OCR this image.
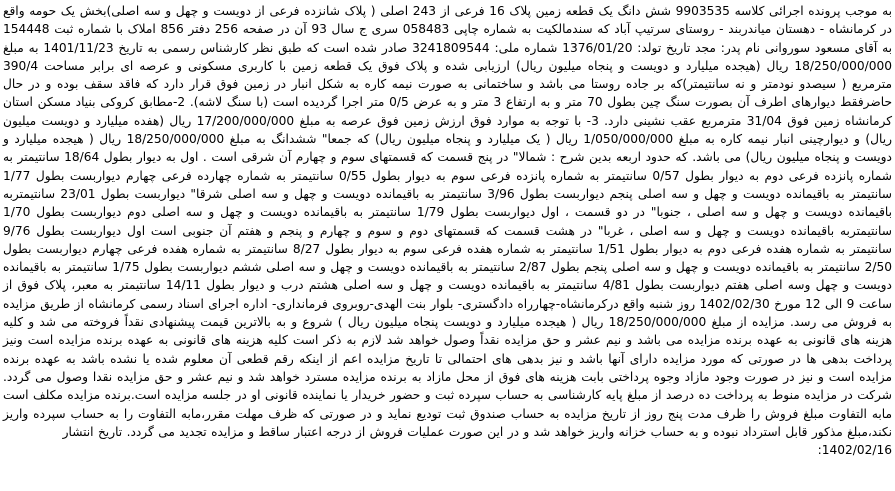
به موجب پرونده اجرائی کلاسه 9903535 شش دانگ یک قطعه زمین پلاک 16 فرعی از 243 اصلی ( پلاک شانزده فرعی از دویست و چهل و سه اصلی)بخش یک حومه واقع در کرمانشاه - دهستان میاندربند - روستای سرتیپ آباد که سندمالکیت به شماره چاپی 058483 سری ج سال 93 آن در صفحه 256 دفتر 856 املاک با شماره ثبت 154448 به آقای مسعود سوروانی نام پدر: مجد تاریخ تولد: 1376/01/20 شماره ملی: 3241809544 صادر شده است که طبق نظر کارشناس رسمی به تاریخ 1401/11/23 به مبلغ 18/250/000/000 ریال (هیجده میلیارد و دویست و پنجاه میلیون ریال) ارزیابی شده و پلاک فوق یک قطعه زمین با کاربری مسکونی و عرصه ای برابر مساحت 390/4 مترمربع ( سیصدو نودمتر و نه سانتیمتر)که بر جاده روستا می باشد و ساختمانی به صورت نیمه کاره به شکل انبار در زمین فوق قرار دارد که فاقد سقف بوده و در حال حاضرفقط دیوارهای اطرف آن بصورت سنگ چین بطول 70 متر و به ارتفاع 3 متر و به عرض 0/5 متر اجرا گردیده است (با سنگ لاشه). 2-مطابق کروکی بنیاد مسکن استان کرمانشاه زمین فوق 31/04 مترمربع عقب نشینی دارد. 3- با توجه به موارد فوق ارزش زمین فوق عرصه به مبلغ 17/200/000/000 ریال (هفده میلیارد و دویست میلیون ریال) و دیوارچینی انبار نیمه کاره به مبلغ 1/050/000/000 ریال ( یک میلیارد و پنجاه میلیون ریال) که جمعا" ششدانگ به مبلغ 18/250/000/000 ریال ( هیجده میلیارد و دویست و پنجاه میلیون ریال) می باشد. که حدود اربعه بدین شرح : شمالا" در پنج قسمت که قسمتهای سوم و چهارم آن شرقی است . اول به دیوار بطول 18/64 سانتیمتر به شماره پانزده فرعی دوم به دیوار بطول 0/57 سانتیمتر به شماره پانزده فرعی سوم به دیوار بطول 0/55 سانتیمتر به شماره چهارده فرعی چهارم دیواربست بطول 1/77 سانتیمتر به باقیمانده دویست و چهل و سه اصلی پنجم دیواربست بطول 3/96 سانتیمتر به باقیمانده دویست و چهل و سه اصلی شرقا" دیواربست بطول 23/01 سانتیمتربه باقیمانده دویست و چهل و سه اصلی ، جنوبا" در دو قسمت ، اول دیواربست بطول 1/79 سانتیمتر به باقیمانده دویست و چهل و سه اصلی دوم دیواربست بطول 1/70 سانتیمتربه باقیمانده دویست و چهل و سه اصلی ، غربا" در هشت قسمت که قسمتهای دوم و سوم و چهارم و پنجم و هفتم آن جنوبی است اول دیواربست بطول 9/76 سانتیمتر به شماره هفده فرعی دوم به دیوار بطول 1/51 سانتیمتر به شماره هفده فرعی سوم به دیوار بطول 8/27 سانتیمتر به شماره هفده فرعی چهارم دیواربست بطول 2/50 سانتیمتر به باقیمانده دویست و چهل و سه اصلی پنجم بطول 2/87 سانتیمتر به باقیمانده دویست و چهل و سه اصلی ششم دیواربست بطول 1/75 سانتیمتر به باقیمانده دویست و چهل وسه اصلی هفتم دیواربست بطول 4/81 سانتیمتر به باقیمانده دویست و چهل و سه اصلی هشتم درب و دیوار بطول 14/11 سانتیمتر به معبر، پلاک فوق از ساعت 9 الی 12 مورخ 1402/02/30 روز شنبه واقع درکرمانشاه-چهارراه دادگستری- بلوار بنت الهدی-روبروی فرمانداری- اداره اجرای اسناد رسمی کرمانشاه از طریق مزایده به فروش می رسد. مزایده از مبلغ 18/250/000/000 ریال ( هیجده میلیارد و دویست پنجاه میلیون ریال ) شروع و به بالاترین قیمت پیشنهادی نقداً فروخته می شد و کلیه هزینه های قانونی به عهده برنده مزایده می باشد و نیم عشر و حق مزایده نقداً وصول خواهد شد لازم به ذکر است کلیه هزینه های قانونی به عهده برنده مزایده است ونیز پرداخت بدهی ها در صورتی که مورد مزایده دارای آنها باشد و نیز بدهی های احتمالی تا تاریخ مزایده اعم از اینکه رقم قطعی آن معلوم شده یا نشده باشد به عهده برنده مزایده است و نیز در صورت وجود مازاد وجوه پرداختی بابت هزینه های فوق از محل مازاد به برنده مزایده مسترد خواهد شد و نیم عشر و حق مزایده نقدا وصول می گردد. شرکت در مزایده منوط به پرداخت ده درصد از مبلغ پایه کارشناسی به حساب سپرده ثبت و حضور خریدار یا نماینده قانونی او در جلسه مزایده است.برنده مزایده مکلف است مابه التفاوت مبلغ فروش را ظرف مدت پنج روز از تاریخ مزایده به حساب صندوق ثبت تودیع نماید و در صورتی که ظرف مهلت مقرر،مابه التفاوت را به حساب سپرده واریز نکند،مبلغ مذکور قابل استرداد نبوده و به حساب خزانه واریز خواهد شد و در این صورت عملیات فروش از درجه اعتبار ساقط و مزایده تجدید می گردد. تاریخ انتشار

1402/02/16:
